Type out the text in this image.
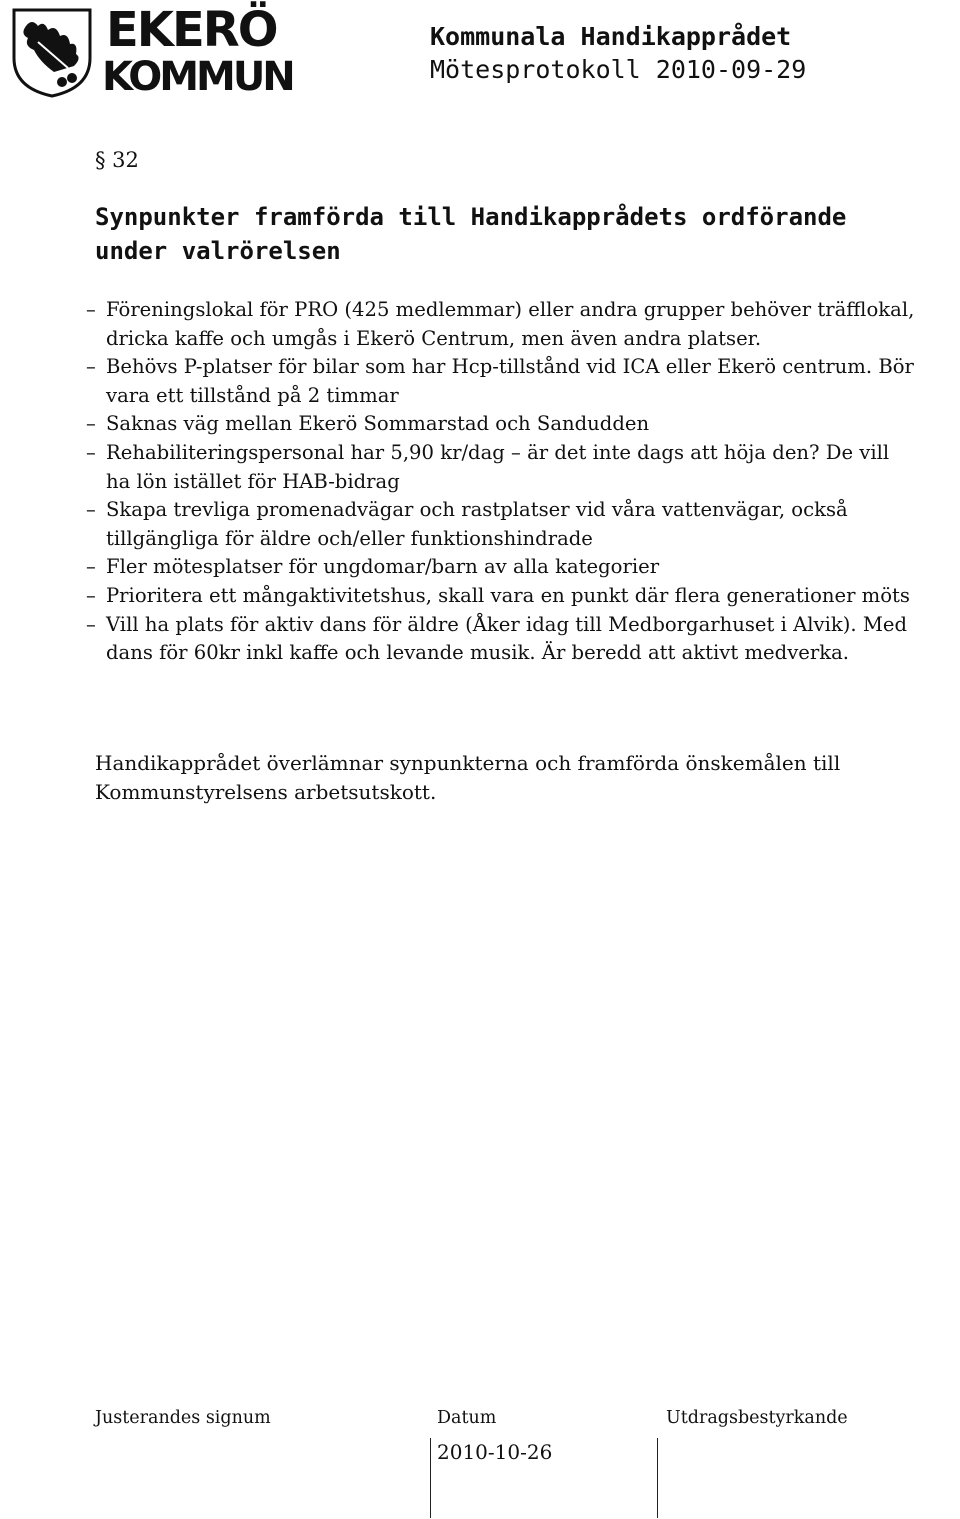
EKERÖ
KOMMUN
Kommunala Handikapprådet
Mötesprotokoll 2010-09-29
§ 32
Synpunkter framförda till Handikapprådets ordförande under valrörelsen
– Föreningslokal för PRO (425 medlemmar) eller andra grupper behöver träfflokal, dricka kaffe och umgås i Ekerö Centrum, men även andra platser.
– Behövs P-platser för bilar som har Hcp-tillstånd vid ICA eller Ekerö centrum. Bör vara ett tillstånd på 2 timmar
– Saknas väg mellan Ekerö Sommarstad och Sandudden
– Rehabiliteringspersonal har 5,90 kr/dag – är det inte dags att höja den? De vill ha lön istället för HAB-bidrag
– Skapa trevliga promenadvägar och rastplatser vid våra vattenvägar, också tillgängliga för äldre och/eller funktionshindrade
– Fler mötesplatser för ungdomar/barn av alla kategorier
– Prioritera ett mångaktivitetshus, skall vara en punkt där flera generationer möts
– Vill ha plats för aktiv dans för äldre (Åker idag till Medborgarhuset i Alvik). Med dans för 60kr inkl kaffe och levande musik. Är beredd att aktivt medverka.

Handikapprådet överlämnar synpunkterna och framförda önskemålen till Kommunstyrelsens arbetsutskott.

Justerandes signum	Datum	Utdragsbestyrkande
2010-10-26
